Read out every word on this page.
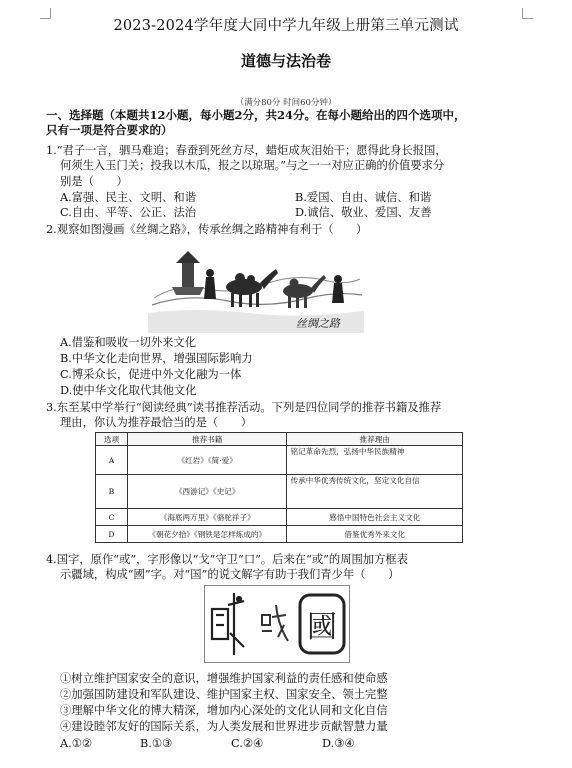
2023-2024学年度大同中学九年级上册第三单元测试
道德与法治卷
（满分80分 时间60分钟）
一、选择题（本题共12小题，每小题2分，共24分。在每小题给出的四个选项中，
只有一项是符合要求的）
1.“君子一言，驷马难追；春蚕到死丝方尽，蜡炬成灰泪始干；愿得此身长报国，
何须生入玉门关；投我以木瓜，报之以琼琚。”与之一一对应正确的价值要求分
别是（　　）
A.富强、民主、文明、和谐	B.爱国、自由、诚信、和谐
C.自由、平等、公正、法治	D.诚信、敬业、爱国、友善
2.观察如图漫画《丝绸之路》，传承丝绸之路精神有利于（　　）
丝绸之路
A.借鉴和吸收一切外来文化
B.中华文化走向世界，增强国际影响力
C.博采众长，促进中外文化融为一体
D.使中华文化取代其他文化
3.东至某中学举行“阅读经典”读书推荐活动。下列是四位同学的推荐书籍及推荐
理由，你认为推荐最恰当的是（　　）
选项	推荐书籍	推荐理由
A	《红岩》《简·爱》	铭记革命先烈，弘扬中华民族精神
B	《西游记》《史记》	传承中华优秀传统文化，坚定文化自信
C	《海底两万里》《骆驼祥子》	感悟中国特色社会主义文化
D	《朝花夕拾》《钢铁是怎样炼成的》	借鉴优秀外来文化
4.国字，原作“或”，字形像以“戈”守卫“口”。后来在“或”的周围加方框表
示疆域，构成“國”字。对“国”的说文解字有助于我们青少年（　　）
國
①树立维护国家安全的意识，增强维护国家利益的责任感和使命感
②加强国防建设和军队建设、维护国家主权、国家安全、领土完整
③理解中华文化的博大精深，增加内心深处的文化认同和文化自信
④建设睦邻友好的国际关系，为人类发展和世界进步贡献智慧力量
A.①②	B.①③	C.②④	D.③④
